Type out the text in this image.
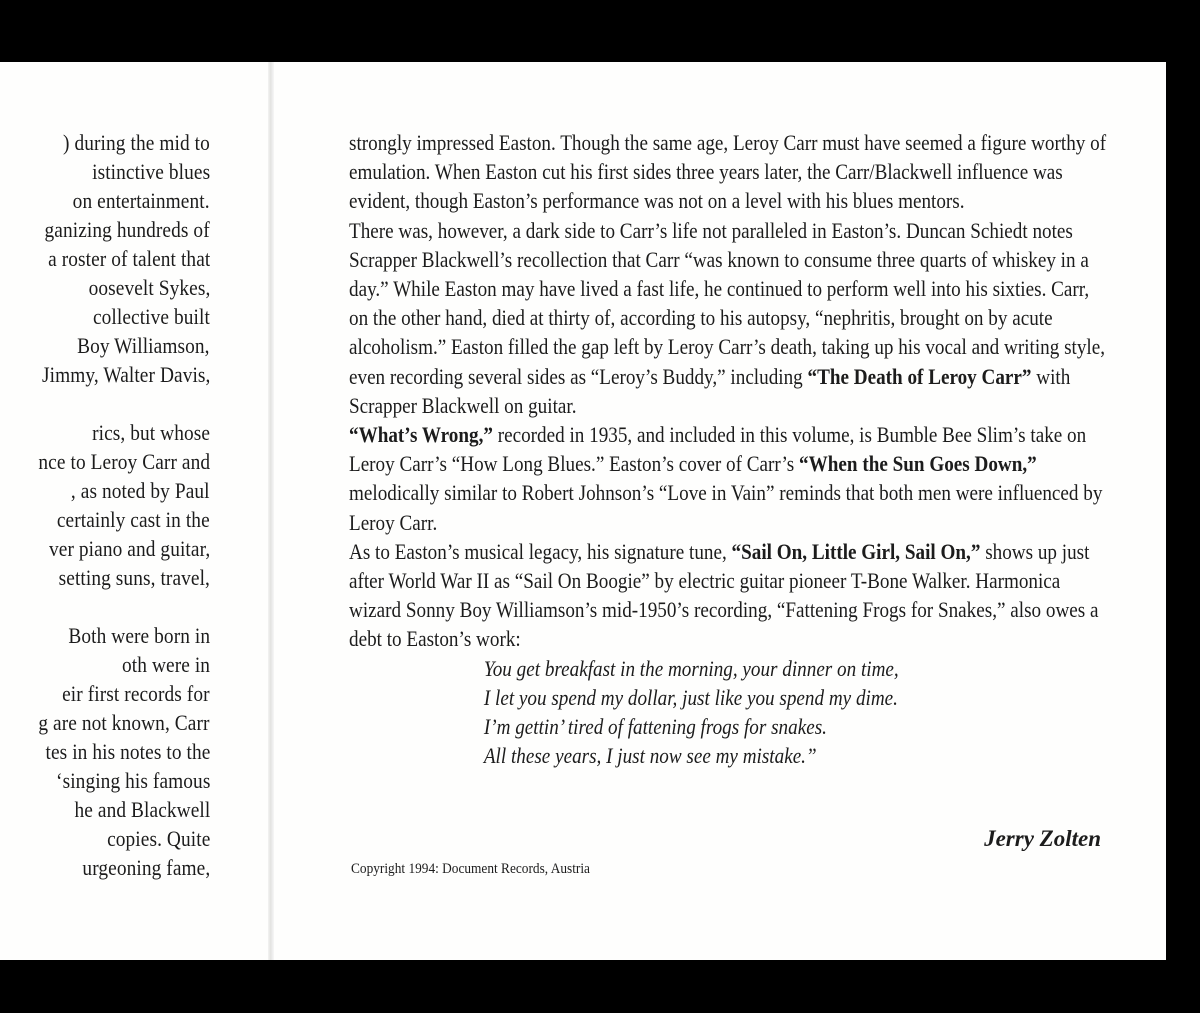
) during the mid to
istinctive blues
on entertainment.
ganizing hundreds of
a roster of talent that
oosevelt Sykes,
collective built
Boy Williamson,
Jimmy, Walter Davis,
rics, but whose
nce to Leroy Carr and
, as noted by Paul
certainly cast in the
ver piano and guitar,
setting suns, travel,
Both were born in
oth were in
eir first records for
g are not known, Carr
tes in his notes to the
‘singing his famous
he and Blackwell
copies. Quite
urgeoning fame,

strongly impressed Easton. Though the same age, Leroy Carr must have seemed a figure worthy of emulation. When Easton cut his first sides three years later, the Carr/Blackwell influence was evident, though Easton’s performance was not on a level with his blues mentors.

There was, however, a dark side to Carr’s life not paralleled in Easton’s. Duncan Schiedt notes Scrapper Blackwell’s recollection that Carr “was known to consume three quarts of whiskey in a day.” While Easton may have lived a fast life, he continued to perform well into his sixties. Carr, on the other hand, died at thirty of, according to his autopsy, “nephritis, brought on by acute alcoholism.” Easton filled the gap left by Leroy Carr’s death, taking up his vocal and writing style, even recording several sides as “Leroy’s Buddy,” including “The Death of Leroy Carr” with Scrapper Blackwell on guitar.

“What’s Wrong,” recorded in 1935, and included in this volume, is Bumble Bee Slim’s take on Leroy Carr’s “How Long Blues.” Easton’s cover of Carr’s “When the Sun Goes Down,” melodically similar to Robert Johnson’s “Love in Vain” reminds that both men were influenced by Leroy Carr.

As to Easton’s musical legacy, his signature tune, “Sail On, Little Girl, Sail On,” shows up just after World War II as “Sail On Boogie” by electric guitar pioneer T-Bone Walker. Harmonica wizard Sonny Boy Williamson’s mid-1950’s recording, “Fattening Frogs for Snakes,” also owes a debt to Easton’s work:

You get breakfast in the morning, your dinner on time,
I let you spend my dollar, just like you spend my dime.
I’m gettin’ tired of fattening frogs for snakes.
All these years, I just now see my mistake.”
Jerry Zolten
Copyright 1994: Document Records, Austria
